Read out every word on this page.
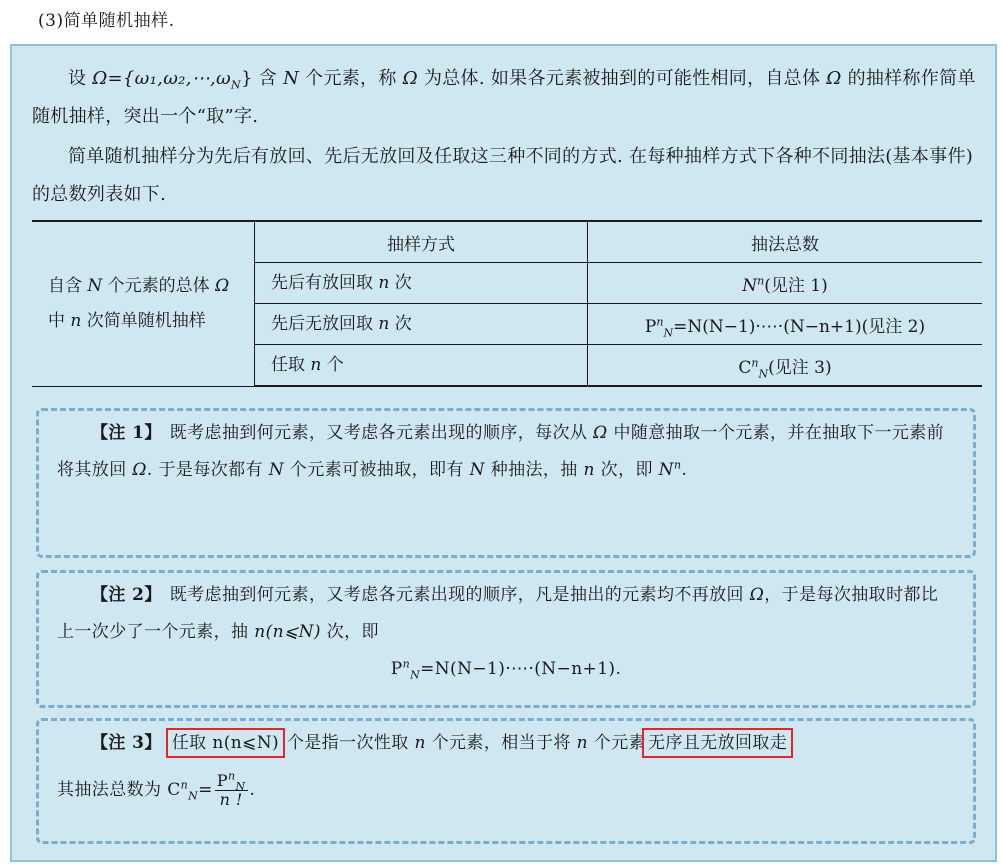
(3)简单随机抽样.
设 $\Omega=\{\omega_1,\omega_2,\cdots,\omega_N\}$ 含 N 个元素，称 Ω 为总体. 如果各元素被抽到的可能性相同，自总体 Ω 的抽样称作简单随机抽样，突出一个“取”字.
简单随机抽样分为先后有放回、先后无放回及任取这三种不同的方式. 在每种抽样方式下各种不同抽法(基本事件)的总数列表如下.
自含 N 个元素的总体 Ω 中 n 次简单随机抽样	抽样方式	抽法总数
	先后有放回取 n 次	$N^n$(见注 1)
	先后无放回取 n 次	$P^n_N=N(N-1)\cdot\cdots\cdot(N-n+1)$(见注 2)
	任取 n 个	$C^n_N$(见注 3)
【注 1】 既考虑抽到何元素，又考虑各元素出现的顺序，每次从 Ω 中随意抽取一个元素，并在抽取下一元素前将其放回 Ω. 于是每次都有 N 个元素可被抽取，即有 N 种抽法，抽 n 次，即 $N^n$.
【注 2】 既考虑抽到何元素，又考虑各元素出现的顺序，凡是抽出的元素均不再放回 Ω，于是每次抽取时都比上一次少了一个元素，抽 n(n⩽N) 次，即
$P^n_N=N(N-1)\cdot\cdots\cdot(N-n+1)$.
【注 3】 任取 n(n⩽N) 个是指一次性取 n 个元素，相当于将 n 个元素 无序且无放回取走 ，
其抽法总数为 $C^n_N= \frac{P^n_N}{n !}$ .
